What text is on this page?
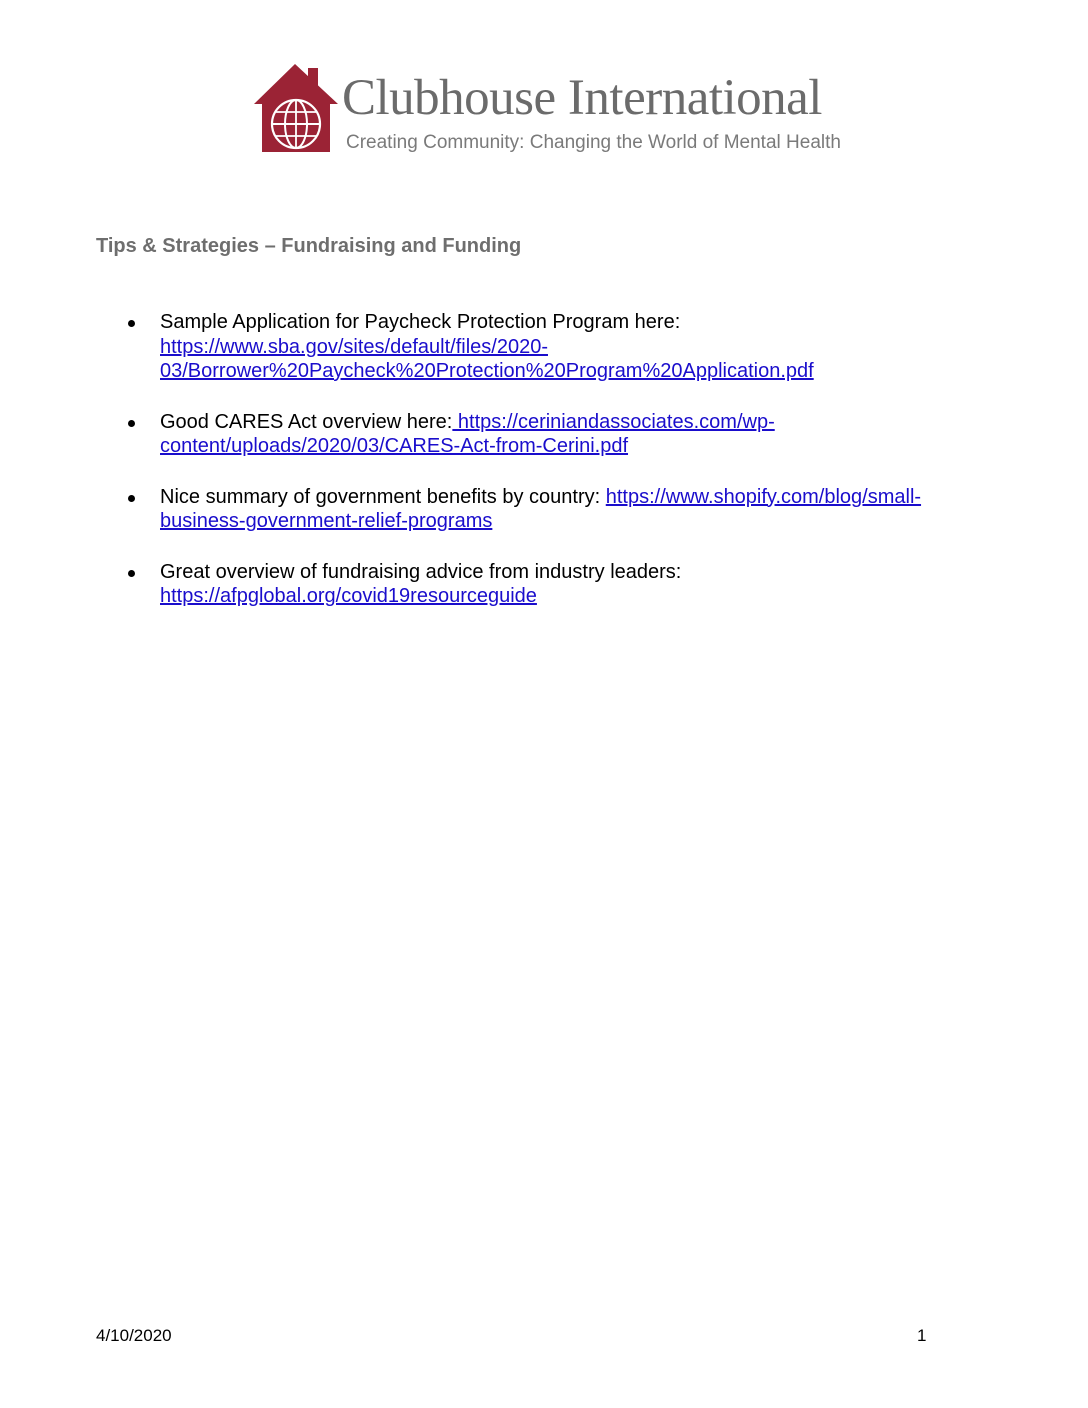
Clubhouse International
Creating Community: Changing the World of Mental Health
Tips & Strategies – Fundraising and Funding
Sample Application for Paycheck Protection Program here: https://www.sba.gov/sites/default/files/2020-
03/Borrower%20Paycheck%20Protection%20Program%20Application.pdf
Good CARES Act overview here: https://ceriniandassociates.com/wp-
content/uploads/2020/03/CARES-Act-from-Cerini.pdf
Nice summary of government benefits by country: https://www.shopify.com/blog/small-
business-government-relief-programs
Great overview of fundraising advice from industry leaders:
https://afpglobal.org/covid19resourceguide
4/10/2020	1
